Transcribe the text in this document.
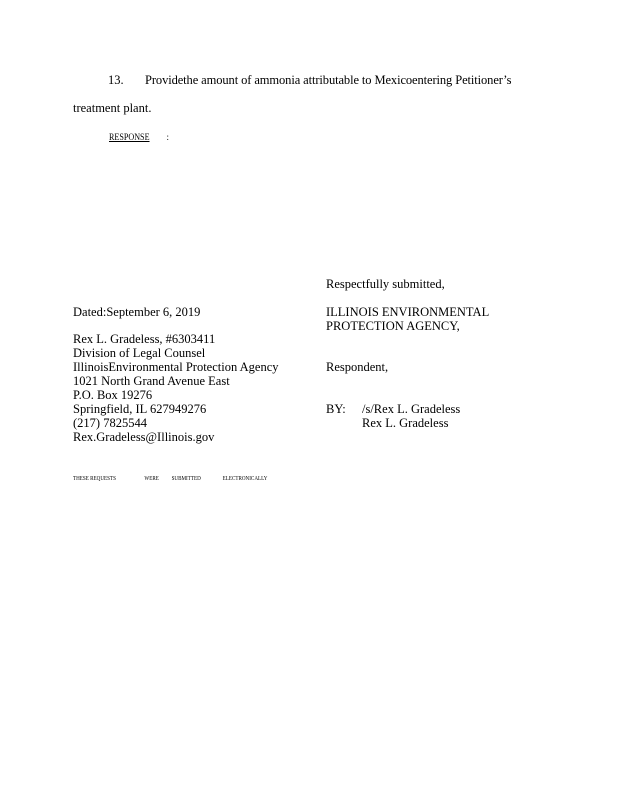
13. Providethe amount of ammonia attributable to Mexicoentering Petitioner’s
treatment plant.
RESPONSE :
Respectfully submitted,
Dated:September 6, 2019	ILLINOIS ENVIRONMENTAL
PROTECTION AGENCY,
Rex L. Gradeless, #6303411
Division of Legal Counsel
IllinoisEnvironmental Protection Agency
1021 North Grand Avenue East
P.O. Box 19276
Springfield, IL 627949276
(217) 7825544
Rex.Gradeless@Illinois.gov
Respondent,
BY: /s/Rex L. Gradeless
Rex L. Gradeless
THESE REQUESTS	WERE SUBMITTED	ELECTRONICALLY
